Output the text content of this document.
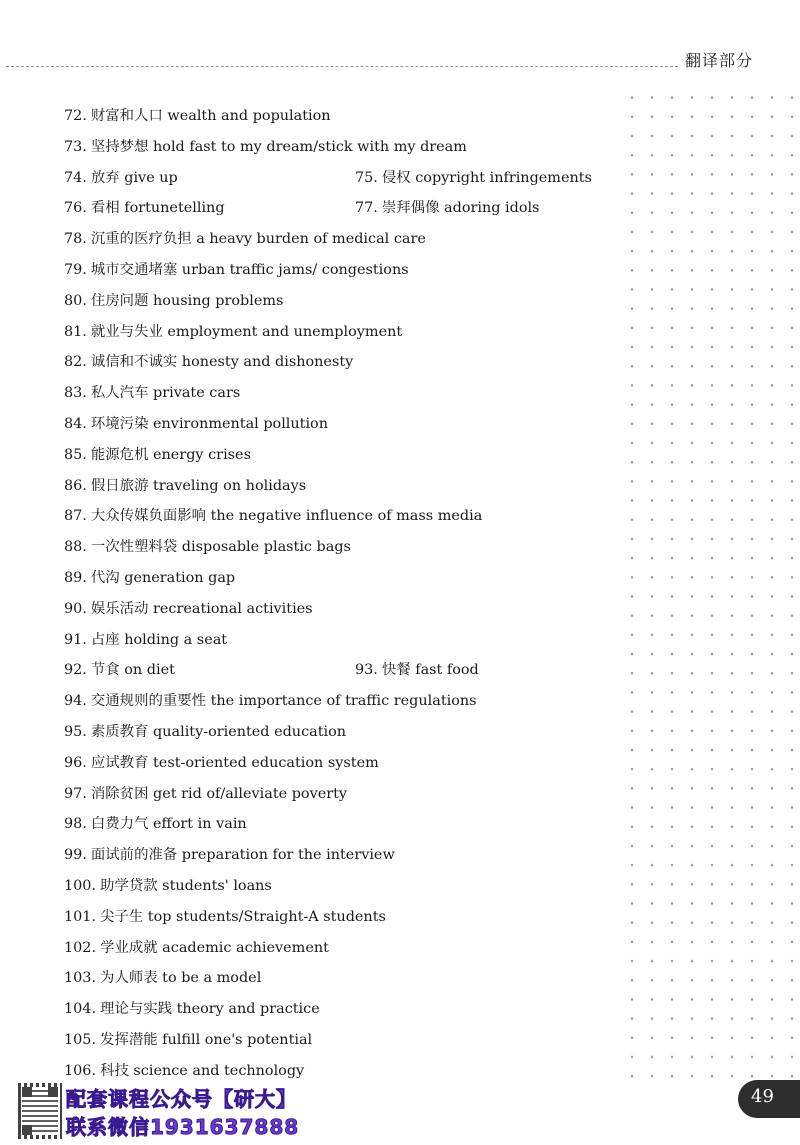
翻译部分
72. 财富和人口 wealth and population
73. 坚持梦想 hold fast to my dream/stick with my dream
74. 放弃 give up	75. 侵权 copyright infringements
76. 看相 fortunetelling	77. 崇拜偶像 adoring idols
78. 沉重的医疗负担 a heavy burden of medical care
79. 城市交通堵塞 urban traffic jams/ congestions
80. 住房问题 housing problems
81. 就业与失业 employment and unemployment
82. 诚信和不诚实 honesty and dishonesty
83. 私人汽车 private cars
84. 环境污染 environmental pollution
85. 能源危机 energy crises
86. 假日旅游 traveling on holidays
87. 大众传媒负面影响 the negative influence of mass media
88. 一次性塑料袋 disposable plastic bags
89. 代沟 generation gap
90. 娱乐活动 recreational activities
91. 占座 holding a seat
92. 节食 on diet	93. 快餐 fast food
94. 交通规则的重要性 the importance of traffic regulations
95. 素质教育 quality-oriented education
96. 应试教育 test-oriented education system
97. 消除贫困 get rid of/alleviate poverty
98. 白费力气 effort in vain
99. 面试前的准备 preparation for the interview
100. 助学贷款 students' loans
101. 尖子生 top students/Straight-A students
102. 学业成就 academic achievement
103. 为人师表 to be a model
104. 理论与实践 theory and practice
105. 发挥潜能 fulfill one's potential
106. 科技 science and technology
配套课程公众号【研大】
联系微信1931637888
49
